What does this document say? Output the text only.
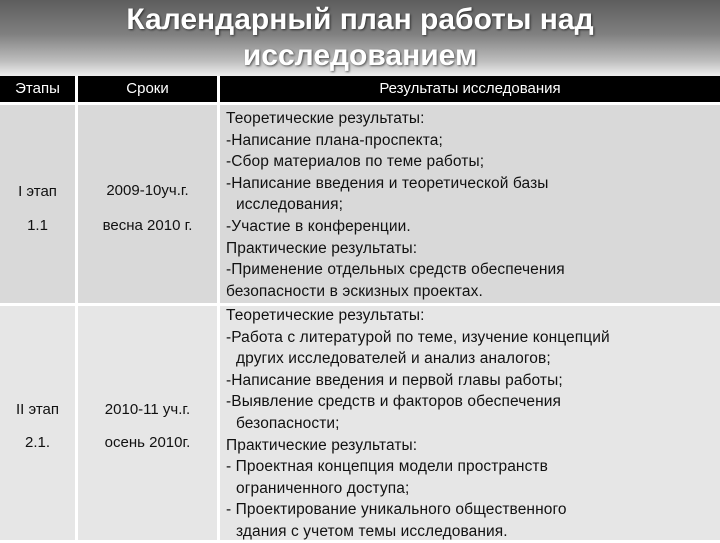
Календарный план работы над
исследованием
Этапы	Сроки	Результаты исследования
I этап
1.1
2009-10уч.г.
весна 2010 г.
Теоретические результаты:
-Написание плана-проспекта;
-Сбор материалов по теме работы;
-Написание введения и теоретической базы
исследования;
-Участие в конференции.
Практические результаты:
-Применение отдельных средств обеспечения
безопасности в эскизных проектах.
II этап
2.1.
2010-11 уч.г.
осень 2010г.
Теоретические результаты:
-Работа с литературой по теме, изучение концепций
других исследователей и анализ аналогов;
-Написание введения и первой главы работы;
-Выявление средств и факторов обеспечения
безопасности;
Практические результаты:
- Проектная концепция модели пространств
ограниченного доступа;
- Проектирование уникального общественного
здания с учетом темы исследования.
